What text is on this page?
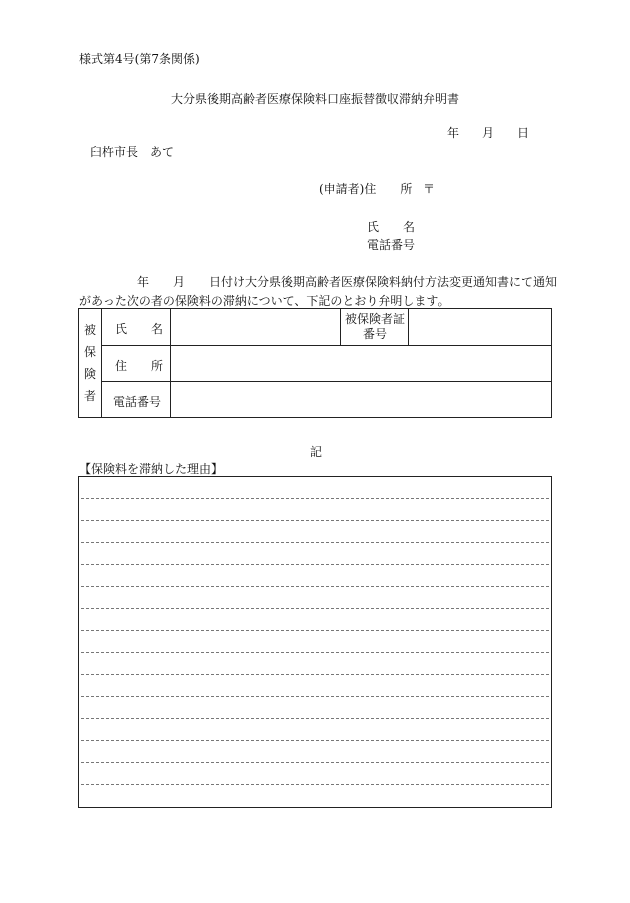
様式第4号(第7条関係)
大分県後期高齢者医療保険料口座振替徴収滞納弁明書
年 月 日
臼杵市長　あて
(申請者)住　　所 〒
氏　　名
電話番号
年 月 日付け大分県後期高齢者医療保険料納付方法変更通知書にて通知
があった次の者の保険料の滞納について、下記のとおり弁明します。
被
保
険
者
氏　　名
被保険者証
番号
住　　所
電話番号
記
【保険料を滞納した理由】
